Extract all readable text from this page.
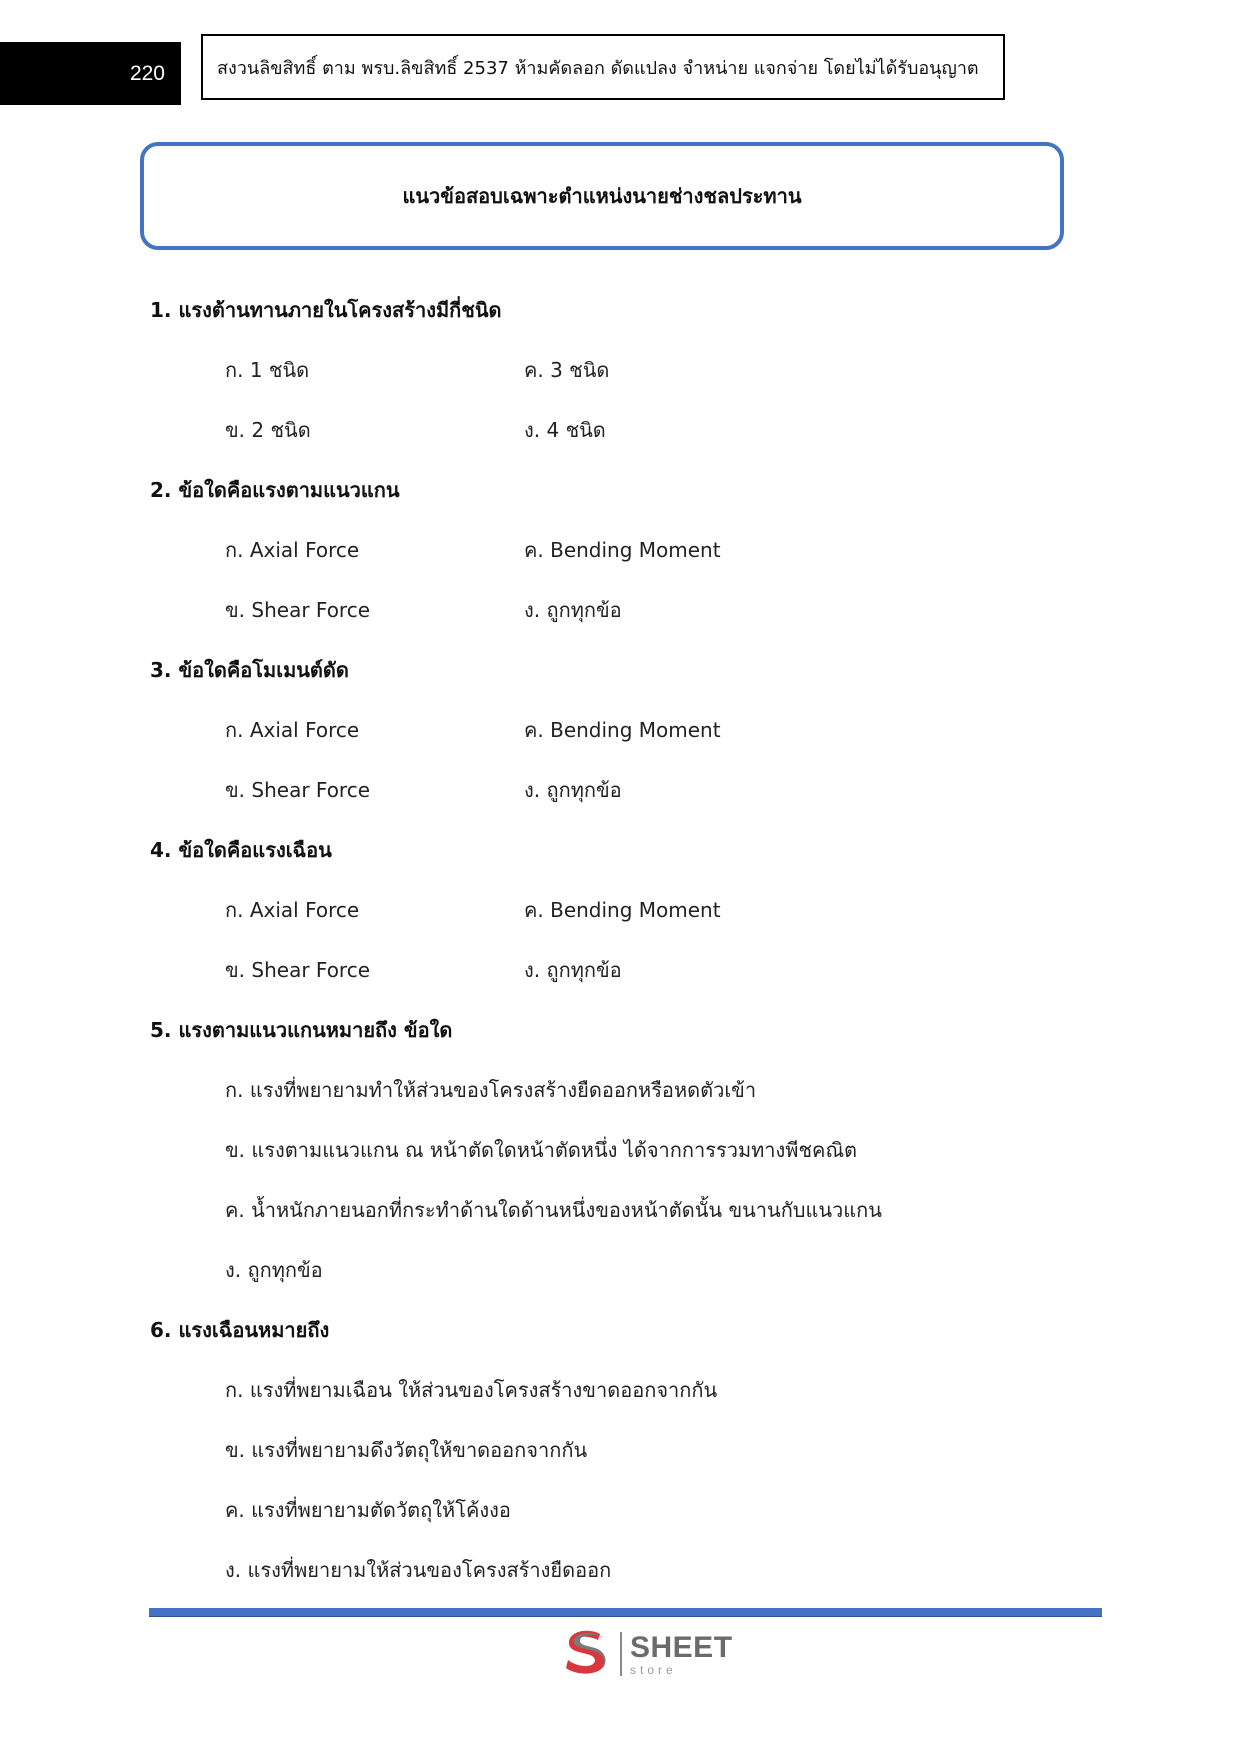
220	สงวนลิขสิทธิ์ ตาม พรบ.ลิขสิทธิ์ 2537 ห้ามคัดลอก ดัดแปลง จำหน่าย แจกจ่าย โดยไม่ได้รับอนุญาต
แนวข้อสอบเฉพาะตำแหน่งนายช่างชลประทาน
1. แรงต้านทานภายในโครงสร้างมีกี่ชนิด
ก. 1 ชนิด	ค. 3 ชนิด
ข. 2 ชนิด	ง. 4 ชนิด
2. ข้อใดคือแรงตามแนวแกน
ก. Axial Force	ค. Bending Moment
ข. Shear Force	ง. ถูกทุกข้อ
3. ข้อใดคือโมเมนต์ดัด
ก. Axial Force	ค. Bending Moment
ข. Shear Force	ง. ถูกทุกข้อ
4. ข้อใดคือแรงเฉือน
ก. Axial Force	ค. Bending Moment
ข. Shear Force	ง. ถูกทุกข้อ
5. แรงตามแนวแกนหมายถึง ข้อใด
ก. แรงที่พยายามทำให้ส่วนของโครงสร้างยืดออกหรือหดตัวเข้า
ข. แรงตามแนวแกน ณ หน้าตัดใดหน้าตัดหนึ่ง ได้จากการรวมทางพีชคณิต
ค. น้ำหนักภายนอกที่กระทำด้านใดด้านหนึ่งของหน้าตัดนั้น ขนานกับแนวแกน
ง. ถูกทุกข้อ
6. แรงเฉือนหมายถึง
ก. แรงที่พยามเฉือน ให้ส่วนของโครงสร้างขาดออกจากกัน
ข. แรงที่พยายามดึงวัตถุให้ขาดออกจากกัน
ค. แรงที่พยายามตัดวัตถุให้โค้งงอ
ง. แรงที่พยายามให้ส่วนของโครงสร้างยืดออก
SHEET
store
